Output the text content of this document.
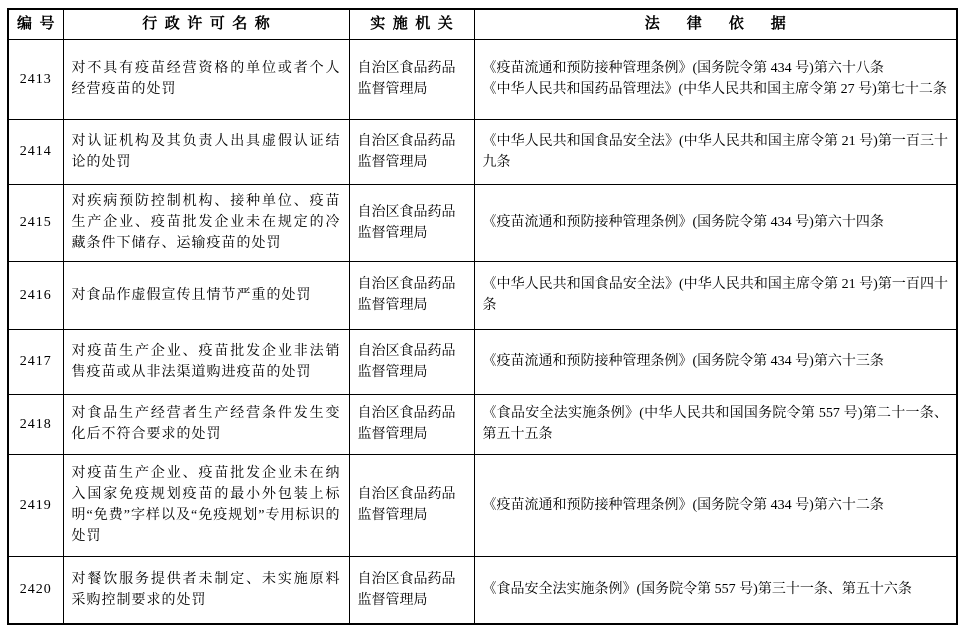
编号	行政许可名称	实施机关	法律依据
2413	对不具有疫苗经营资格的单位或者个人经营疫苗的处罚	自治区食品药品监督管理局	《疫苗流通和预防接种管理条例》(国务院令第 434 号)第六十八条
《中华人民共和国药品管理法》(中华人民共和国主席令第 27 号)第七十二条

2414	对认证机构及其负责人出具虚假认证结论的处罚	自治区食品药品监督管理局	《中华人民共和国食品安全法》(中华人民共和国主席令第 21 号)第一百三十九条

2415	对疾病预防控制机构、接种单位、疫苗生产企业、疫苗批发企业未在规定的冷藏条件下储存、运输疫苗的处罚	自治区食品药品监督管理局	《疫苗流通和预防接种管理条例》(国务院令第 434 号)第六十四条

2416	对食品作虚假宣传且情节严重的处罚	自治区食品药品监督管理局	《中华人民共和国食品安全法》(中华人民共和国主席令第 21 号)第一百四十条

2417	对疫苗生产企业、疫苗批发企业非法销售疫苗或从非法渠道购进疫苗的处罚	自治区食品药品监督管理局	《疫苗流通和预防接种管理条例》(国务院令第 434 号)第六十三条

2418	对食品生产经营者生产经营条件发生变化后不符合要求的处罚	自治区食品药品监督管理局	《食品安全法实施条例》(中华人民共和国国务院令第 557 号)第二十一条、第五十五条

2419	对疫苗生产企业、疫苗批发企业未在纳入国家免疫规划疫苗的最小外包装上标明“免费”字样以及“免疫规划”专用标识的处罚	自治区食品药品监督管理局	《疫苗流通和预防接种管理条例》(国务院令第 434 号)第六十二条

2420	对餐饮服务提供者未制定、未实施原料采购控制要求的处罚	自治区食品药品监督管理局	《食品安全法实施条例》(国务院令第 557 号)第三十一条、第五十六条
